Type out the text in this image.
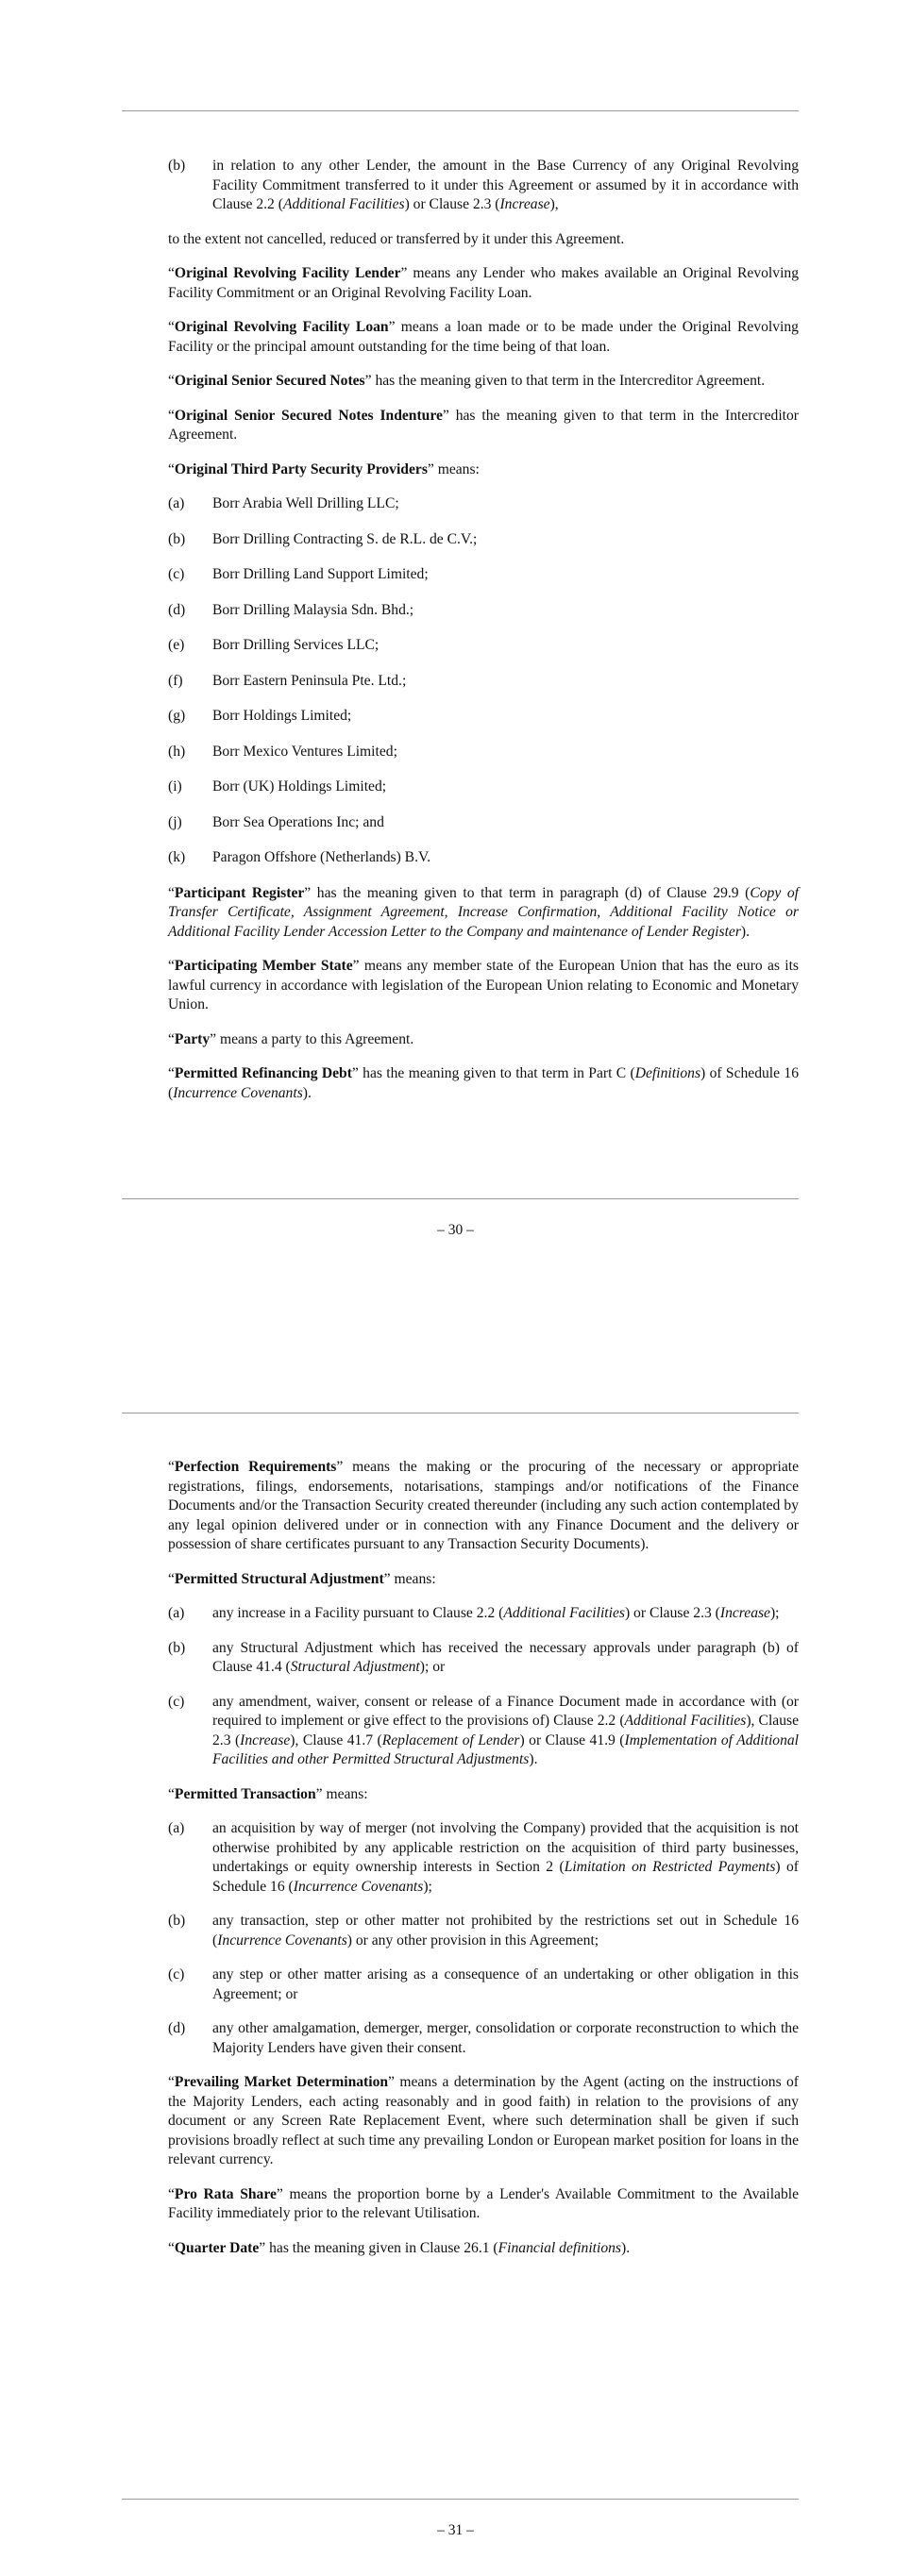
(b)	in relation to any other Lender, the amount in the Base Currency of any Original Revolving Facility Commitment transferred to it under this Agreement or assumed by it in accordance with Clause 2.2 (Additional Facilities) or Clause 2.3 (Increase),

to the extent not cancelled, reduced or transferred by it under this Agreement.

“Original Revolving Facility Lender” means any Lender who makes available an Original Revolving Facility Commitment or an Original Revolving Facility Loan.

“Original Revolving Facility Loan” means a loan made or to be made under the Original Revolving Facility or the principal amount outstanding for the time being of that loan.

“Original Senior Secured Notes” has the meaning given to that term in the Intercreditor Agreement.

“Original Senior Secured Notes Indenture” has the meaning given to that term in the Intercreditor Agreement.

“Original Third Party Security Providers” means:

(a)	Borr Arabia Well Drilling LLC;
(b)	Borr Drilling Contracting S. de R.L. de C.V.;
(c)	Borr Drilling Land Support Limited;
(d)	Borr Drilling Malaysia Sdn. Bhd.;
(e)	Borr Drilling Services LLC;
(f)	Borr Eastern Peninsula Pte. Ltd.;
(g)	Borr Holdings Limited;
(h)	Borr Mexico Ventures Limited;
(i)	Borr (UK) Holdings Limited;
(j)	Borr Sea Operations Inc; and
(k)	Paragon Offshore (Netherlands) B.V.

“Participant Register” has the meaning given to that term in paragraph (d) of Clause 29.9 (Copy of Transfer Certificate, Assignment Agreement, Increase Confirmation, Additional Facility Notice or Additional Facility Lender Accession Letter to the Company and maintenance of Lender Register).

“Participating Member State” means any member state of the European Union that has the euro as its lawful currency in accordance with legislation of the European Union relating to Economic and Monetary Union.

“Party” means a party to this Agreement.

“Permitted Refinancing Debt” has the meaning given to that term in Part C (Definitions) of Schedule 16 (Incurrence Covenants).

– 30 –

“Perfection Requirements” means the making or the procuring of the necessary or appropriate registrations, filings, endorsements, notarisations, stampings and/or notifications of the Finance Documents and/or the Transaction Security created thereunder (including any such action contemplated by any legal opinion delivered under or in connection with any Finance Document and the delivery or possession of share certificates pursuant to any Transaction Security Documents).

“Permitted Structural Adjustment” means:

(a)	any increase in a Facility pursuant to Clause 2.2 (Additional Facilities) or Clause 2.3 (Increase);
(b)	any Structural Adjustment which has received the necessary approvals under paragraph (b) of Clause 41.4 (Structural Adjustment); or
(c)	any amendment, waiver, consent or release of a Finance Document made in accordance with (or required to implement or give effect to the provisions of) Clause 2.2 (Additional Facilities), Clause 2.3 (Increase), Clause 41.7 (Replacement of Lender) or Clause 41.9 (Implementation of Additional Facilities and other Permitted Structural Adjustments).

“Permitted Transaction” means:

(a)	an acquisition by way of merger (not involving the Company) provided that the acquisition is not otherwise prohibited by any applicable restriction on the acquisition of third party businesses, undertakings or equity ownership interests in Section 2 (Limitation on Restricted Payments) of Schedule 16 (Incurrence Covenants);
(b)	any transaction, step or other matter not prohibited by the restrictions set out in Schedule 16 (Incurrence Covenants) or any other provision in this Agreement;
(c)	any step or other matter arising as a consequence of an undertaking or other obligation in this Agreement; or
(d)	any other amalgamation, demerger, merger, consolidation or corporate reconstruction to which the Majority Lenders have given their consent.

“Prevailing Market Determination” means a determination by the Agent (acting on the instructions of the Majority Lenders, each acting reasonably and in good faith) in relation to the provisions of any document or any Screen Rate Replacement Event, where such determination shall be given if such provisions broadly reflect at such time any prevailing London or European market position for loans in the relevant currency.

“Pro Rata Share” means the proportion borne by a Lender's Available Commitment to the Available Facility immediately prior to the relevant Utilisation.

“Quarter Date” has the meaning given in Clause 26.1 (Financial definitions).

– 31 –
